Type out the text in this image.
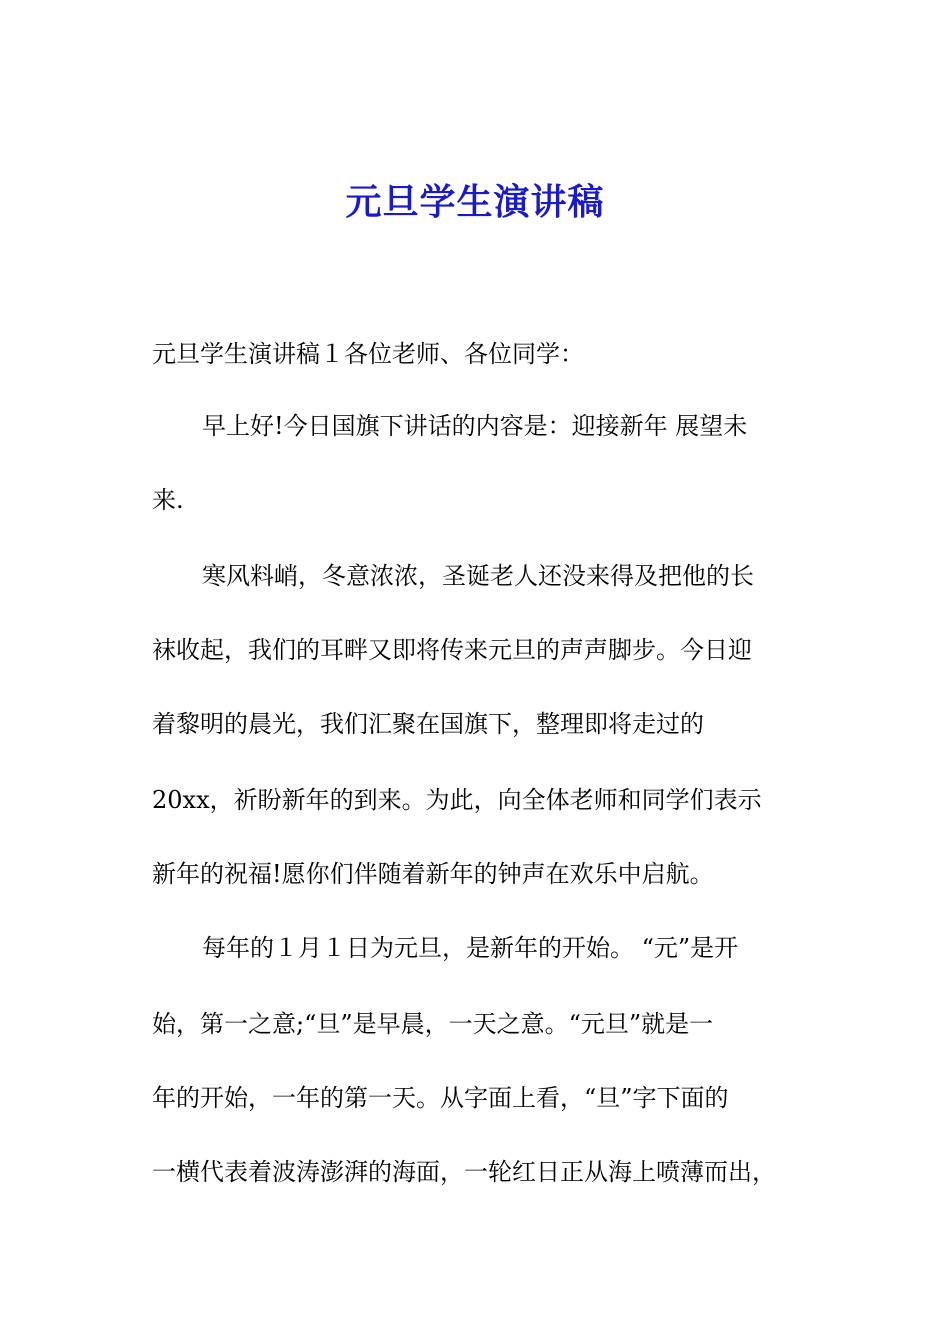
元旦学生演讲稿
元旦学生演讲稿１各位老师、各位同学：
早上好!今日国旗下讲话的内容是：迎接新年 展望未
来.
寒风料峭，冬意浓浓，圣诞老人还没来得及把他的长
袜收起，我们的耳畔又即将传来元旦的声声脚步。今日迎
着黎明的晨光，我们汇聚在国旗下，整理即将走过的
20xx，祈盼新年的到来。为此，向全体老师和同学们表示
新年的祝福!愿你们伴随着新年的钟声在欢乐中启航。
每年的１月１日为元旦，是新年的开始。 “元”是开
始，第一之意;“旦”是早晨，一天之意。“元旦”就是一
年的开始，一年的第一天。从字面上看，“旦”字下面的
一横代表着波涛澎湃的海面，一轮红日正从海上喷薄而出，
